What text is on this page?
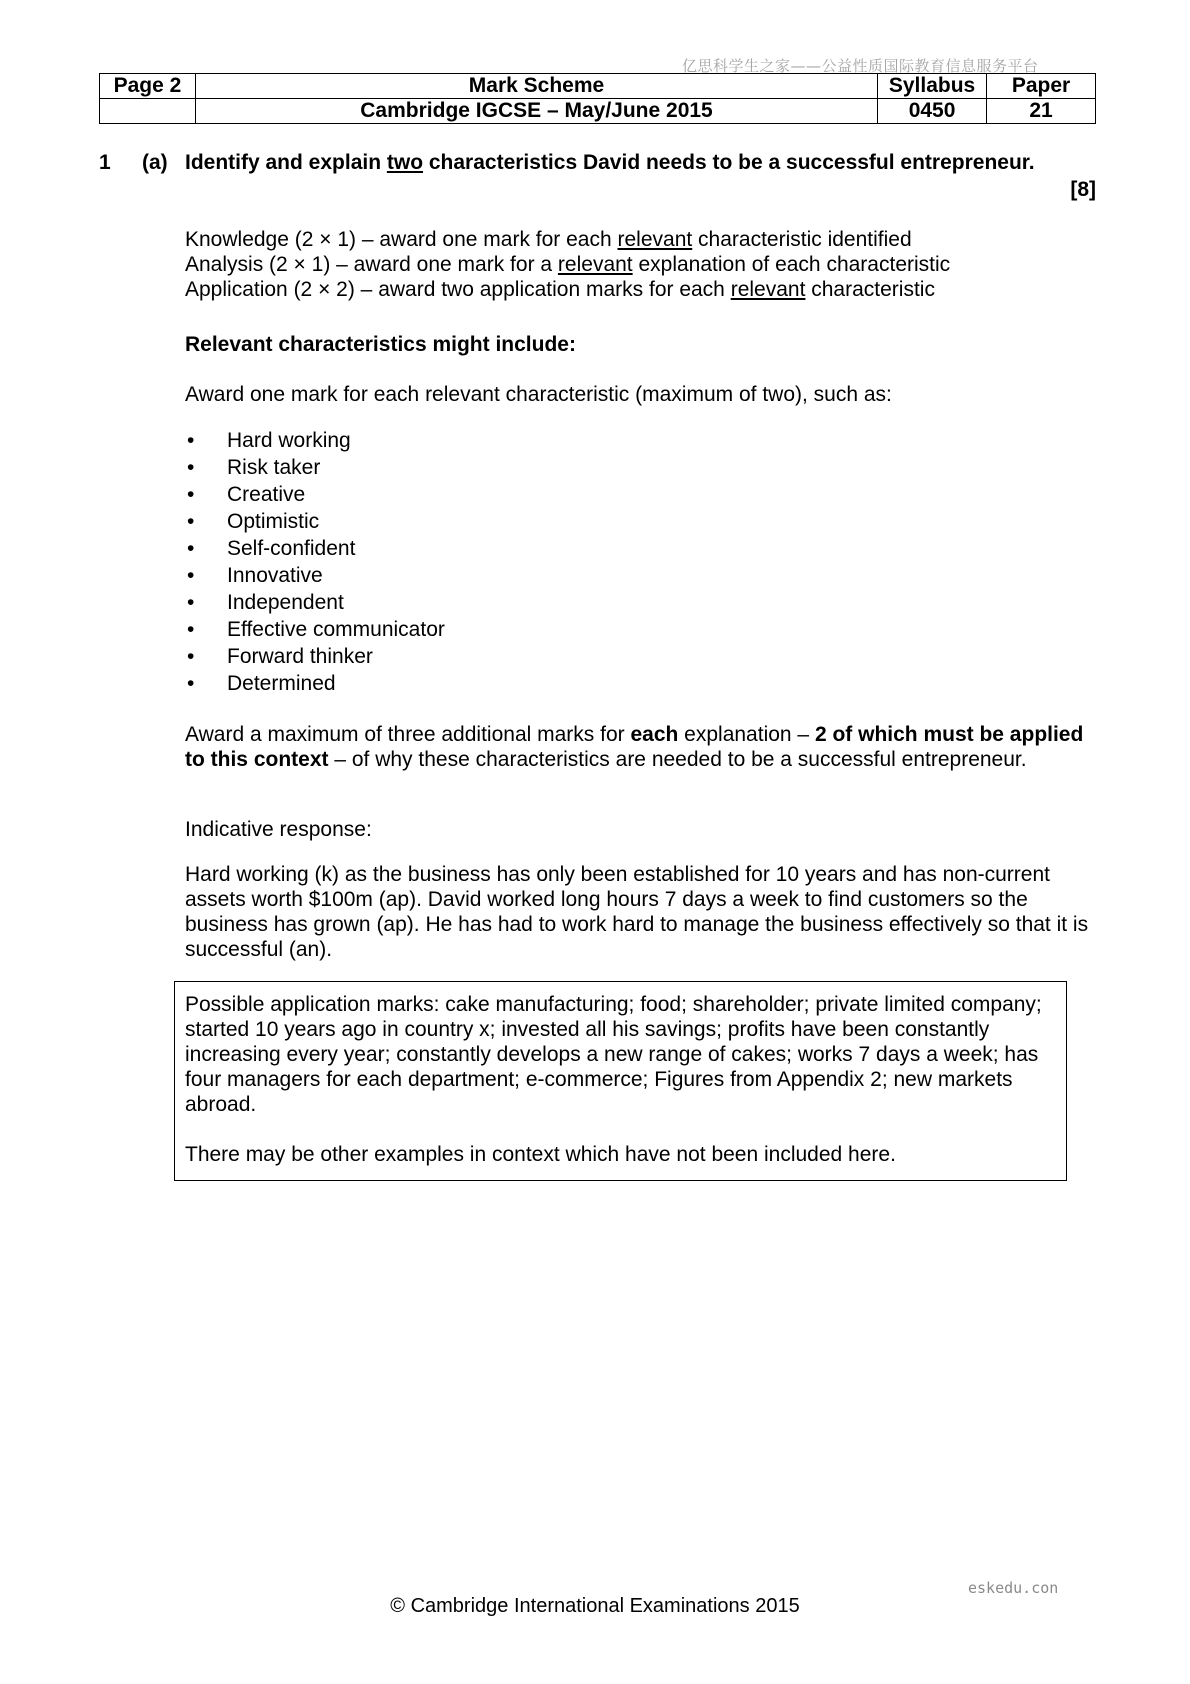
亿思科学生之家——公益性质国际教育信息服务平台
Page 2	Mark Scheme	Syllabus	Paper
	Cambridge IGCSE – May/June 2015	0450	21
1 (a) Identify and explain two characteristics David needs to be a successful entrepreneur.
[8]
Knowledge (2 × 1) – award one mark for each relevant characteristic identified
Analysis (2 × 1) – award one mark for a relevant explanation of each characteristic
Application (2 × 2) – award two application marks for each relevant characteristic
Relevant characteristics might include:
Award one mark for each relevant characteristic (maximum of two), such as:
• Hard working
• Risk taker
• Creative
• Optimistic
• Self-confident
• Innovative
• Independent
• Effective communicator
• Forward thinker
• Determined
Award a maximum of three additional marks for each explanation – 2 of which must be applied to this context – of why these characteristics are needed to be a successful entrepreneur.
Indicative response:
Hard working (k) as the business has only been established for 10 years and has non-current assets worth $100m (ap). David worked long hours 7 days a week to find customers so the business has grown (ap). He has had to work hard to manage the business effectively so that it is successful (an).
Possible application marks: cake manufacturing; food; shareholder; private limited company; started 10 years ago in country x; invested all his savings; profits have been constantly increasing every year; constantly develops a new range of cakes; works 7 days a week; has four managers for each department; e-commerce; Figures from Appendix 2; new markets abroad.
There may be other examples in context which have not been included here.
eskedu.con
© Cambridge International Examinations 2015
